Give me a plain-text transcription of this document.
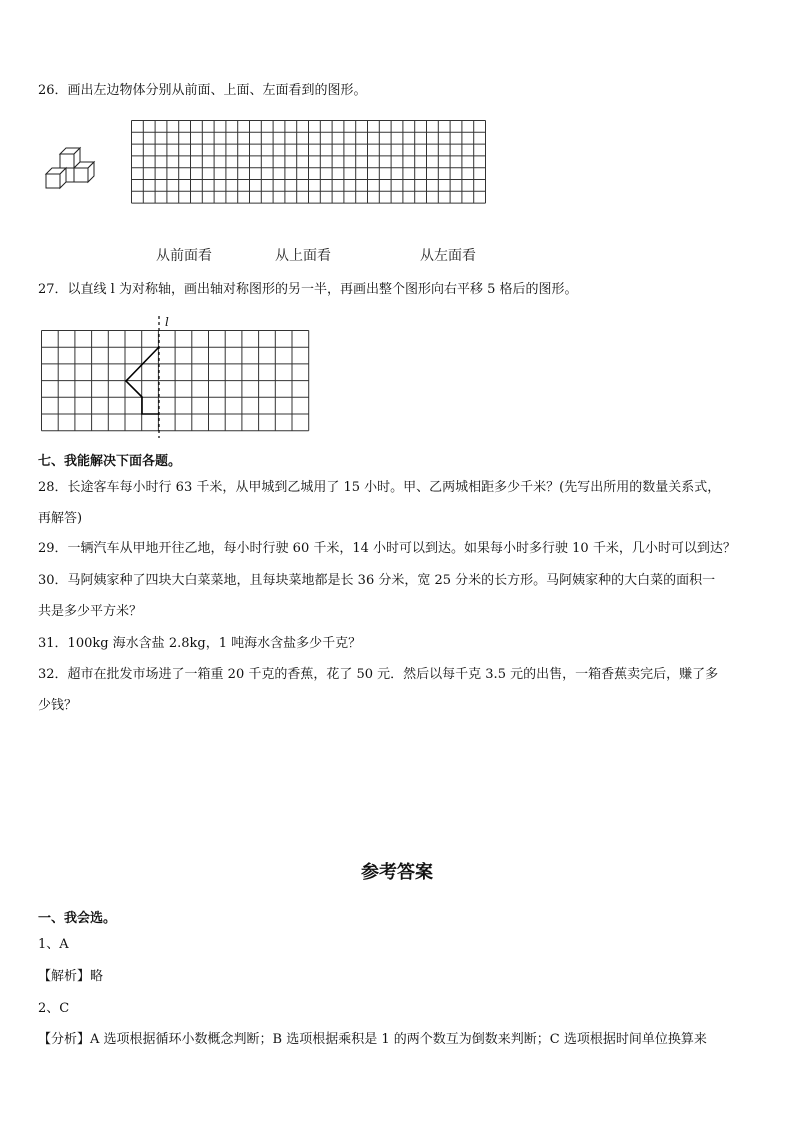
26．画出左边物体分别从前面、上面、左面看到的图形。
从前面看	从上面看	从左面看
27．以直线 l 为对称轴，画出轴对称图形的另一半，再画出整个图形向右平移 5 格后的图形。
l
七、我能解决下面各题。
28．长途客车每小时行 63 千米，从甲城到乙城用了 15 小时。甲、乙两城相距多少千米？(先写出所用的数量关系式，
再解答)
29．一辆汽车从甲地开往乙地，每小时行驶 60 千米，14 小时可以到达。如果每小时多行驶 10 千米，几小时可以到达？
30．马阿姨家种了四块大白菜菜地，且每块菜地都是长 36 分米，宽 25 分米的长方形。马阿姨家种的大白菜的面积一
共是多少平方米？
31．100kg 海水含盐 2.8kg，1 吨海水含盐多少千克？
32．超市在批发市场进了一箱重 20 千克的香蕉，花了 50 元．然后以每千克 3.5 元的出售，一箱香蕉卖完后，赚了多
少钱？
参考答案
一、我会选。
1、A
【解析】略
2、C
【分析】A 选项根据循环小数概念判断；B 选项根据乘积是 1 的两个数互为倒数来判断；C 选项根据时间单位换算来
